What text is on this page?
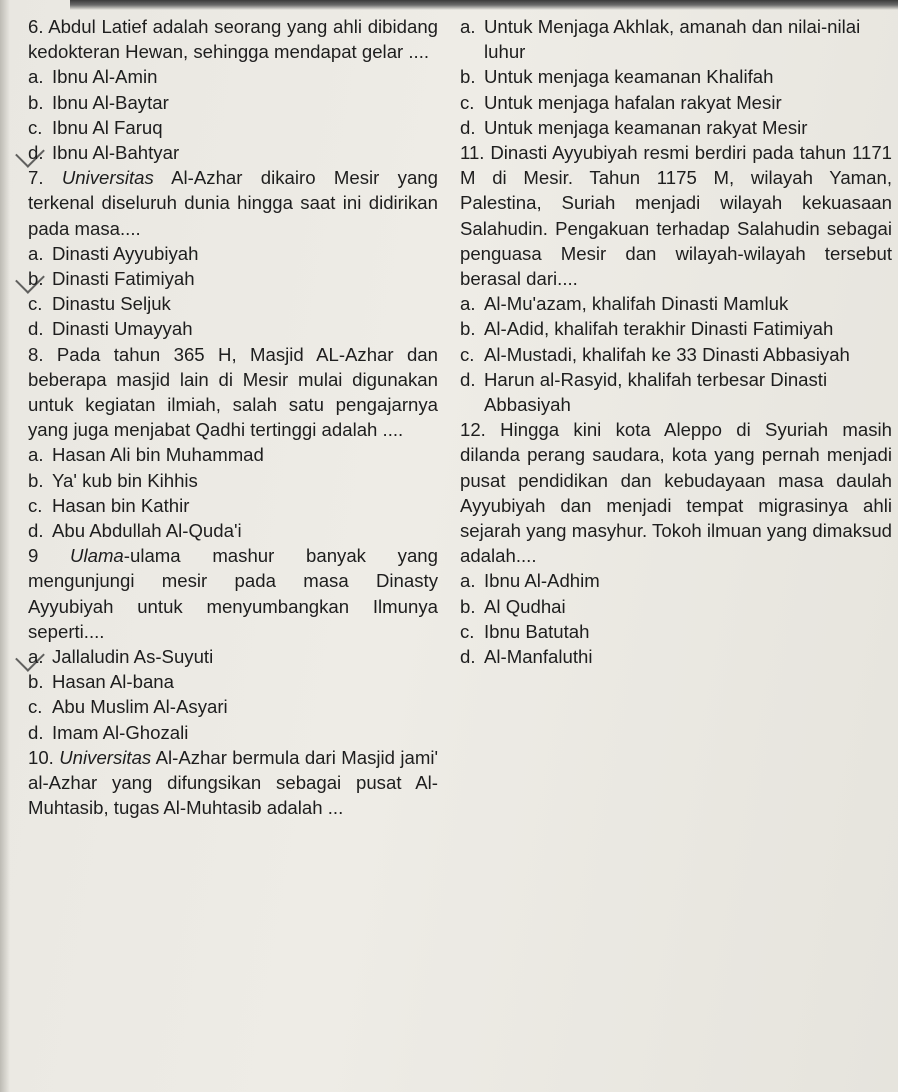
6. Abdul Latief adalah seorang yang ahli dibidang kedokteran Hewan, sehingga mendapat gelar ....
a. Ibnu Al-Amin
b. Ibnu Al-Baytar
c. Ibnu Al Faruq
d. Ibnu Al-Bahtyar
7. Universitas Al-Azhar dikairo Mesir yang terkenal diseluruh dunia hingga saat ini didirikan pada masa....
a. Dinasti Ayyubiyah
b. Dinasti Fatimiyah
c. Dinastu Seljuk
d. Dinasti Umayyah
8. Pada tahun 365 H, Masjid AL-Azhar dan beberapa masjid lain di Mesir mulai digunakan untuk kegiatan ilmiah, salah satu pengajarnya yang juga menjabat Qadhi tertinggi adalah ....
a. Hasan Ali bin Muhammad
b. Ya' kub bin Kihhis
c. Hasan bin Kathir
d. Abu Abdullah Al-Quda'i
9 Ulama-ulama mashur banyak yang mengunjungi mesir pada masa Dinasty Ayyubiyah untuk menyumbangkan Ilmunya seperti....
a. Jallaludin As-Suyuti
b. Hasan Al-bana
c. Abu Muslim Al-Asyari
d. Imam Al-Ghozali
10. Universitas Al-Azhar bermula dari Masjid jami' al-Azhar yang difungsikan sebagai pusat Al-Muhtasib, tugas Al-Muhtasib adalah ...
a. Untuk Menjaga Akhlak, amanah dan nilai-nilai luhur
b. Untuk menjaga keamanan Khalifah
c. Untuk menjaga hafalan rakyat Mesir
d. Untuk menjaga keamanan rakyat Mesir
11. Dinasti Ayyubiyah resmi berdiri pada tahun 1171 M di Mesir. Tahun 1175 M, wilayah Yaman, Palestina, Suriah menjadi wilayah kekuasaan Salahudin. Pengakuan terhadap Salahudin sebagai penguasa Mesir dan wilayah-wilayah tersebut berasal dari....
a. Al-Mu'azam, khalifah Dinasti Mamluk
b. Al-Adid, khalifah terakhir Dinasti Fatimiyah
c. Al-Mustadi, khalifah ke 33 Dinasti Abbasiyah
d. Harun al-Rasyid, khalifah terbesar Dinasti Abbasiyah
12. Hingga kini kota Aleppo di Syuriah masih dilanda perang saudara, kota yang pernah menjadi pusat pendidikan dan kebudayaan masa daulah Ayyubiyah dan menjadi tempat migrasinya ahli sejarah yang masyhur. Tokoh ilmuan yang dimaksud adalah....
a. Ibnu Al-Adhim
b. Al Qudhai
c. Ibnu Batutah
d. Al-Manfaluthi
